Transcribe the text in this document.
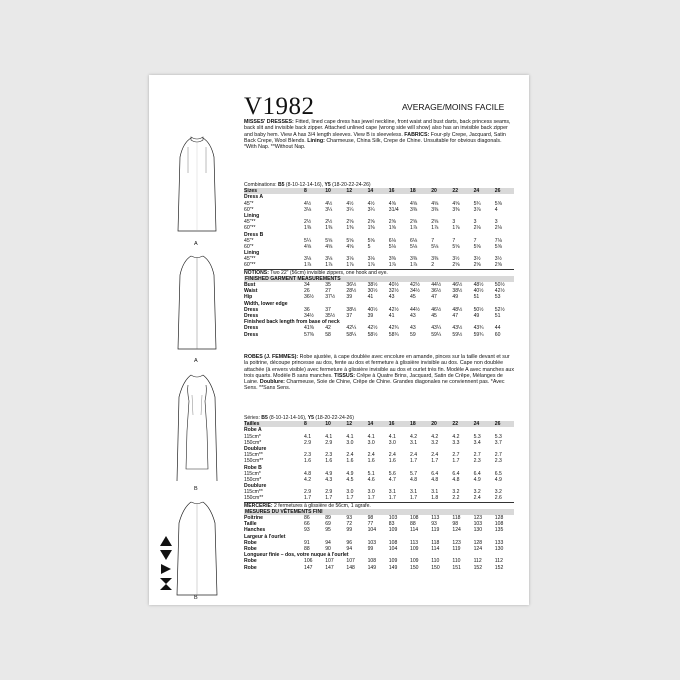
V1982	AVERAGE/MOINS FACILE
A
A
B
B

MISSES' DRESSES: Fitted, lined cape dress has jewel neckline, front waist and bust darts, back princess seams, back slit and invisible back zipper. Attached unlined cape (wrong side will show) also has an invisible back zipper and baby hem. View A has 3/4 length sleeves. View B is sleeveless. FABRICS: Four-ply Crepe, Jacquard, Satin Back Crepe, Wool Blends. Lining: Charmeuse, China Silk, Crepe de Chine. Unsuitable for obvious diagonals. *With Nap. **Without Nap.

Combinations: B5 (8-10-12-14-16), Y5 (18-20-22-24-26)
Sizes	8	10	12	14	16	18	20	22	24	26
Dress A
45"*	4½	4½	4½	4½	4⅝	4⅝	4⅝	4⅝	5¾	5⅝
60"*	3⅛	3¼	3¼	3¼	31/4	3⅜	3⅜	3⅜	3⅞	4
Lining
45"**	2½	2½	2⅝	2⅝	2⅝	2⅝	2⅝	3	3	3
60"**	1⅜	1⅜	1⅜	1⅜	1⅝	1⅞	1⅞	1⅞	2⅛	2⅛
Dress B
45"*	5¼	5⅝	5⅝	5⅝	6⅛	6⅛	7	7	7	7⅛
60"*	4⅝	4⅝	4⅝	5	5⅛	5⅛	5⅛	5⅝	5⅝	5⅝
Lining
45"**	3⅛	3⅛	3⅛	3⅛	3⅜	3⅜	3⅜	3½	3½	3½
60"**	1⅞	1⅞	1⅞	1⅞	1⅞	1⅞	2	2⅝	2⅝	2⅝
NOTIONS: Two 22" (56cm) invisible zippers, one hook and eye.
FINISHED GARMENT MEASUREMENTS
Bust	34	35	36½	38½	40½	42½	44½	46½	48½	50½
Waist	26	27	28½	30½	32½	34½	36½	38½	40½	42½
Hip	36½	37½	39	41	43	45	47	49	51	53
Width, lower edge
Dress	36	37	38½	40½	42½	44½	46½	48½	50½	52½
Dress	34½	35½	37	39	41	43	45	47	49	51
Finished back length from base of neck
Dress	41⅜	42	42¼	42½	42¾	43	43¼	43½	43¾	44
Dress	57⅜	58	58¼	58½	58¾	59	59¼	59½	59¾	60

ROBES (J. FEMMES): Robe ajustée, à cape doublée avec encolure en amande, pinces sur la taille devant et sur la poitrine, découpe princesse au dos, fente au dos et fermeture à glissière invisible au dos. Cape non doublée attachée (à envers visible) avec fermeture à glissière invisible au dos et ourlet très fin. Modèle A avec manches aux trois quarts. Modèle B sans manches. TISSUS: Crêpe à Quatre Brins, Jacquard, Satin de Crêpe, Mélanges de Laine. Doublure: Charmeuse, Soie de Chine, Crêpe de Chine. Grandes diagonales ne conviennent pas. *Avec Sens. **Sans Sens.

Séries: B5 (8-10-12-14-16), Y5 (18-20-22-24-26)
Tailles	8	10	12	14	16	18	20	22	24	26
Robe A
115cm*	4.1	4.1	4.1	4.1	4.1	4.2	4.2	4.2	5.3	5.3
150cm*	2.9	2.9	3.0	3.0	3.0	3.1	3.2	3.3	3.4	3.7
Doublure
115cm**	2.3	2.3	2.4	2.4	2.4	2.4	2.4	2.7	2.7	2.7
150cm**	1.6	1.6	1.6	1.6	1.6	1.7	1.7	1.7	2.3	2.3
Robe B
115cm*	4.8	4.9	4.9	5.1	5.6	5.7	6.4	6.4	6.4	6.5
150cm*	4.2	4.3	4.5	4.6	4.7	4.8	4.8	4.8	4.9	4.9
Doublure
115cm**	2.9	2.9	3.0	3.0	3.1	3.1	3.1	3.2	3.2	3.2
150cm**	1.7	1.7	1.7	1.7	1.7	1.7	1.8	2.2	2.4	2.6
MERCERIE: 2 fermetures à glissière de 56cm, 1 agrafe.
MESURES DU VÊTEMENTS FINI
Poitrine	86	89	93	98	103	108	113	118	123	128
Taille	66	69	72	77	83	88	93	98	103	108
Hanches	93	95	99	104	109	114	119	124	130	135
Largeur à l'ourlet
Robe	91	94	96	103	108	113	118	123	128	133
Robe	88	90	94	99	104	109	114	119	124	130
Longueur finie – dos, votre nuque à l'ourlet
Robe	106	107	107	108	109	109	110	110	112	112
Robe	147	147	148	149	149	150	150	151	152	152
